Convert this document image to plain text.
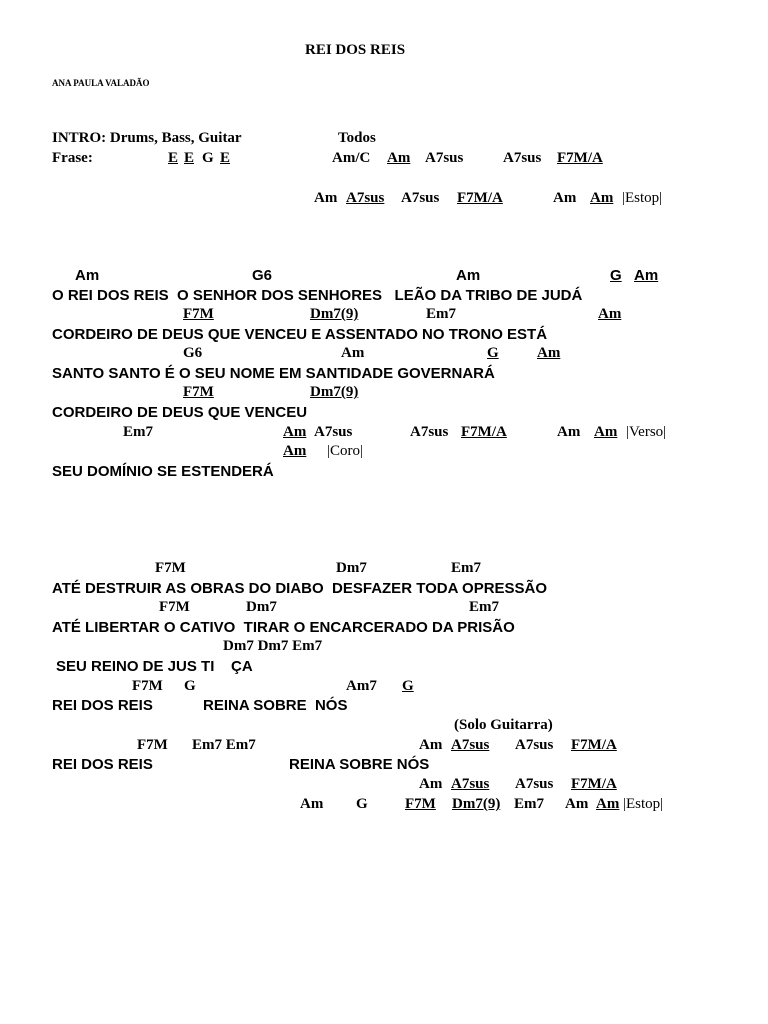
REI DOS REIS
ANA PAULA VALADÃO
INTRO: Drums, Bass, Guitar	Todos
Frase:	E E G E	Am/C Am A7sus	A7sus F7M/A
Am A7sus A7sus F7M/A	Am Am |Estop|
Am	G6	Am	G Am
O REI DOS REIS  O SENHOR DOS SENHORES   LEÃO DA TRIBO DE JUDÁ
F7M	Dm7(9)	Em7	Am
CORDEIRO DE DEUS QUE VENCEU E ASSENTADO NO TRONO ESTÁ
G6	Am	G	Am
SANTO SANTO É O SEU NOME EM SANTIDADE GOVERNARÁ
F7M	Dm7(9)
CORDEIRO DE DEUS QUE VENCEU
Em7	Am A7sus	A7sus F7M/A	Am Am |Verso|
Am |Coro|
SEU DOMÍNIO SE ESTENDERÁ
F7M	Dm7	Em7
ATÉ DESTRUIR AS OBRAS DO DIABO  DESFAZER TODA OPRESSÃO
F7M	Dm7	Em7
ATÉ LIBERTAR O CATIVO  TIRAR O ENCARCERADO DA PRISÃO
Dm7 Dm7 Em7
SEU REINO DE JUS TI    ÇA
F7M G	Am7 G
REI DOS REIS	REINA SOBRE  NÓS
(Solo Guitarra)
F7M Em7 Em7	Am A7sus A7sus F7M/A
REI DOS REIS	REINA SOBRE NÓS
Am A7sus A7sus F7M/A
Am G F7M Dm7(9) Em7 Am Am |Estop|
